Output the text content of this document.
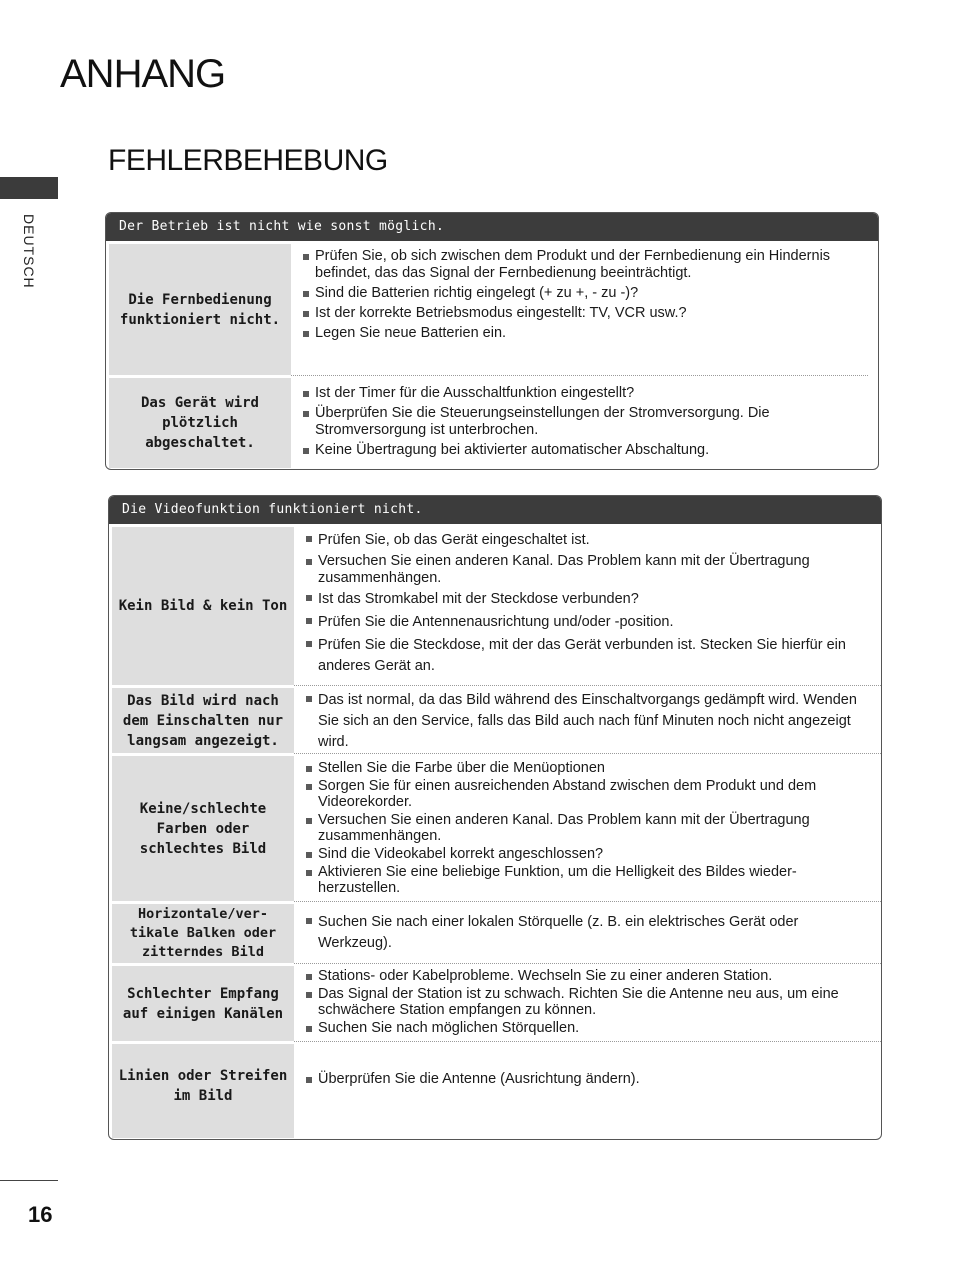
ANHANG
FEHLERBEHEBUNG
DEUTSCH
16
Der Betrieb ist nicht wie sonst möglich.
Die Fernbedienung funktioniert nicht.
Prüfen Sie, ob sich zwischen dem Produkt und der Fernbedienung ein Hindernis befindet, das das Signal der Fernbedienung beeinträchtigt.
Sind die Batterien richtig eingelegt (+ zu +, - zu -)?
Ist der korrekte Betriebsmodus eingestellt: TV, VCR usw.?
Legen Sie neue Batterien ein.
Das Gerät wird plötzlich abgeschaltet.
Ist der Timer für die Ausschaltfunktion eingestellt?
Überprüfen Sie die Steuerungseinstellungen der Stromversorgung. Die Stromversorgung ist unterbrochen.
Keine Übertragung bei aktivierter automatischer Abschaltung.
Die Videofunktion funktioniert nicht.
Kein Bild & kein Ton
Prüfen Sie, ob das Gerät eingeschaltet ist.
Versuchen Sie einen anderen Kanal. Das Problem kann mit der Übertragung zusammenhängen.
Ist das Stromkabel mit der Steckdose verbunden?
Prüfen Sie die Antennenausrichtung und/oder -position.
Prüfen Sie die Steckdose, mit der das Gerät verbunden ist. Stecken Sie hierfür ein anderes Gerät an.
Das Bild wird nach dem Einschalten nur langsam angezeigt.
Das ist normal, da das Bild während des Einschaltvorgangs gedämpft wird. Wenden Sie sich an den Service, falls das Bild auch nach fünf Minuten noch nicht angezeigt wird.
Keine/schlechte Farben oder schlechtes Bild
Stellen Sie die Farbe über die Menüoptionen
Sorgen Sie für einen ausreichenden Abstand zwischen dem Produkt und dem Videorekorder.
Versuchen Sie einen anderen Kanal. Das Problem kann mit der Übertragung zusammenhängen.
Sind die Videokabel korrekt angeschlossen?
Aktivieren Sie eine beliebige Funktion, um die Helligkeit des Bildes wieder-herzustellen.
Horizontale/ver-tikale Balken oder zitterndes Bild
Suchen Sie nach einer lokalen Störquelle (z. B. ein elektrisches Gerät oder Werkzeug).
Schlechter Empfang auf einigen Kanälen
Stations- oder Kabelprobleme. Wechseln Sie zu einer anderen Station.
Das Signal der Station ist zu schwach. Richten Sie die Antenne neu aus, um eine schwächere Station empfangen zu können.
Suchen Sie nach möglichen Störquellen.
Linien oder Streifen im Bild
Überprüfen Sie die Antenne (Ausrichtung ändern).
